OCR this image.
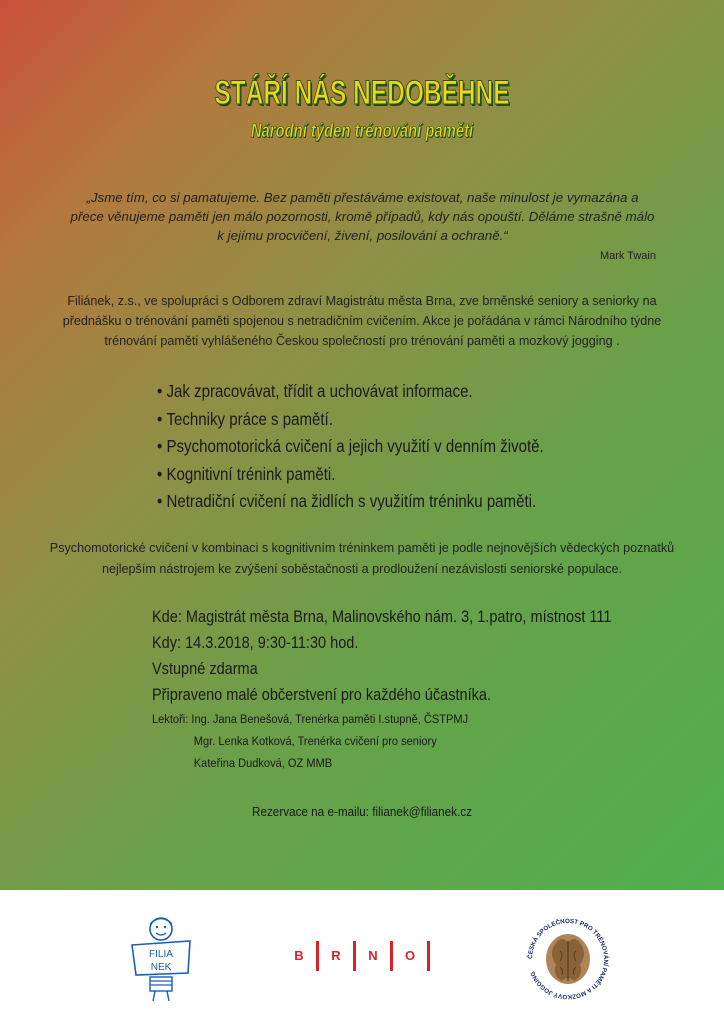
STÁŘÍ NÁS NEDOBĚHNE
Národní týden trénování paměti
„Jsme tím, co si pamatujeme. Bez paměti přestáváme existovat, naše minulost je vymazána a přece věnujeme paměti jen málo pozornosti, kromě případů, kdy nás opouští. Děláme strašně málo k jejímu procvičení, živení, posilování a ochraně.“
Mark Twain
Filiánek, z.s., ve spolupráci s Odborem zdraví Magistrátu města Brna, zve brněnské seniory a seniorky na přednášku o trénování paměti spojenou s netradičním cvičením. Akce je pořádána v rámci Národního týdne trénování paměti vyhlášeného Českou společností pro trénování paměti a mozkový jogging .
• Jak zpracovávat, třídit a uchovávat informace.
• Techniky práce s pamětí.
• Psychomotorická cvičení a jejich využití v denním životě.
• Kognitivní trénink paměti.
• Netradiční cvičení na židlích s využitím tréninku paměti.
Psychomotorické cvičení v kombinaci s kognitivním tréninkem paměti je podle nejnovějších vědeckých poznatků nejlepším nástrojem ke zvýšení soběstačnosti a prodloužení nezávislosti seniorské populace.
Kde: Magistrát města Brna, Malinovského nám. 3, 1.patro, místnost 111
Kdy: 14.3.2018, 9:30-11:30 hod.
Vstupné zdarma
Připraveno malé občerstvení pro každého účastníka.
Lektoři: Ing. Jana Benešová, Trenérka paměti I.stupně, ČSTPMJ
Mgr. Lenka Kotková, Trenérka cvičení pro seniory
Kateřina Dudková, OZ MMB
Rezervace na e-mailu: filianek@filianek.cz
FILIA
NEK
B R N O	ČESKÁ SPOLEČNOST PRO TRÉNOVÁNÍ PAMĚTI A MOZKOVÝ JOGGING
